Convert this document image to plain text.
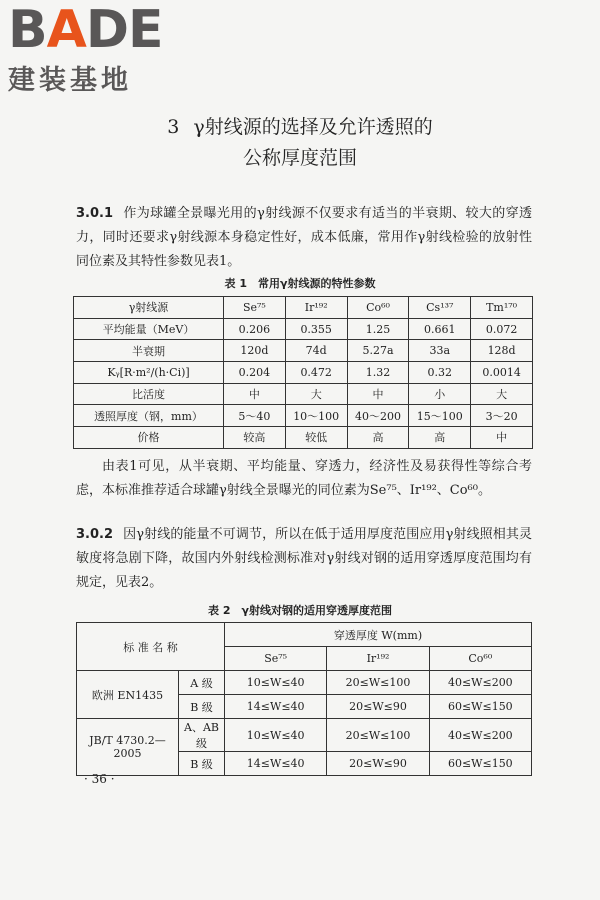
BADE
建装基地
3 γ射线源的选择及允许透照的
公称厚度范围
3.0.1 作为球罐全景曝光用的γ射线源不仅要求有适当的半衰期、较大的穿透力，同时还要求γ射线源本身稳定性好，成本低廉，常用作γ射线检验的放射性同位素及其特性参数见表1。
表 1　常用γ射线源的特性参数
γ射线源	Se⁷⁵	Ir¹⁹²	Co⁶⁰	Cs¹³⁷	Tm¹⁷⁰
平均能量（MeV）	0.206	0.355	1.25	0.661	0.072
半衰期	120d	74d	5.27a	33a	128d
Kᵧ[R·m²/(h·Ci)]	0.204	0.472	1.32	0.32	0.0014
比活度	中	大	中	小	大
透照厚度（钢，mm）	5～40	10～100	40～200	15～100	3～20
价格	较高	较低	高	高	中
由表1可见，从半衰期、平均能量、穿透力，经济性及易获得性等综合考虑，本标准推荐适合球罐γ射线全景曝光的同位素为Se⁷⁵、Ir¹⁹²、Co⁶⁰。
3.0.2 因γ射线的能量不可调节，所以在低于适用厚度范围应用γ射线照相其灵敏度将急剧下降，故国内外射线检测标准对γ射线对钢的适用穿透厚度范围均有规定，见表2。
表 2　γ射线对钢的适用穿透厚度范围
标 准 名 称		穿透厚度 W(mm)		
		Se⁷⁵	Ir¹⁹²	Co⁶⁰
欧洲 EN1435	A 级	10≤W≤40	20≤W≤100	40≤W≤200
	B 级	14≤W≤40	20≤W≤90	60≤W≤150
JB/T 4730.2—2005	A、AB 级	10≤W≤40	20≤W≤100	40≤W≤200
	B 级	14≤W≤40	20≤W≤90	60≤W≤150
· 36 ·
